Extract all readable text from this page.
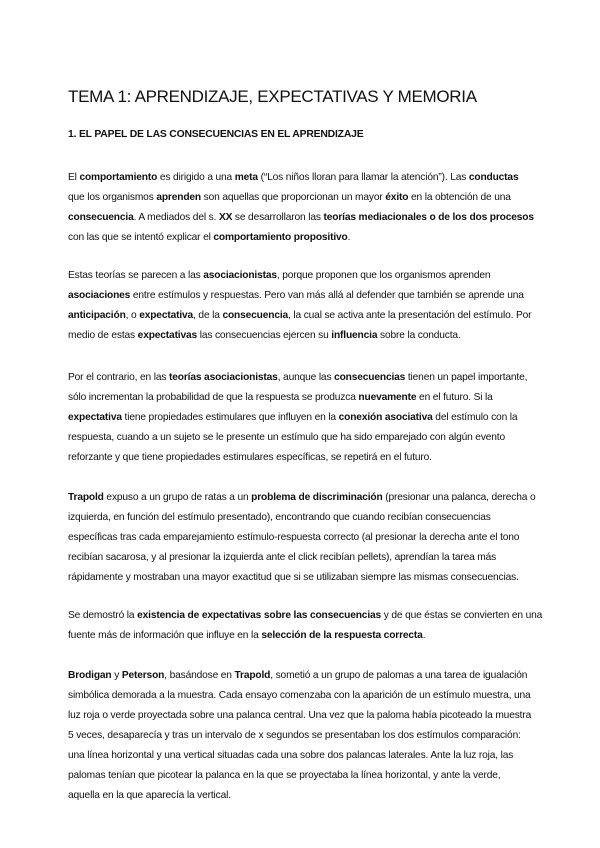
TEMA 1: APRENDIZAJE, EXPECTATIVAS Y MEMORIA
1. EL PAPEL DE LAS CONSECUENCIAS EN EL APRENDIZAJE

El comportamiento es dirigido a una meta (“Los niños lloran para llamar la atención”). Las conductas
que los organismos aprenden son aquellas que proporcionan un mayor éxito en la obtención de una
consecuencia. A mediados del s. XX se desarrollaron las teorías mediacionales o de los dos procesos
con las que se intentó explicar el comportamiento propositivo.

Estas teorías se parecen a las asociacionistas, porque proponen que los organismos aprenden
asociaciones entre estímulos y respuestas. Pero van más allá al defender que también se aprende una
anticipación, o expectativa, de la consecuencia, la cual se activa ante la presentación del estímulo. Por
medio de estas expectativas las consecuencias ejercen su influencia sobre la conducta.

Por el contrario, en las teorías asociacionistas, aunque las consecuencias tienen un papel importante,
sólo incrementan la probabilidad de que la respuesta se produzca nuevamente en el futuro. Si la
expectativa tiene propiedades estimulares que influyen en la conexión asociativa del estímulo con la
respuesta, cuando a un sujeto se le presente un estímulo que ha sido emparejado con algún evento
reforzante y que tiene propiedades estimulares específicas, se repetirá en el futuro.

Trapold expuso a un grupo de ratas a un problema de discriminación (presionar una palanca, derecha o
izquierda, en función del estímulo presentado), encontrando que cuando recibían consecuencias
específicas tras cada emparejamiento estímulo-respuesta correcto (al presionar la derecha ante el tono
recibían sacarosa, y al presionar la izquierda ante el click recibían pellets), aprendían la tarea más
rápidamente y mostraban una mayor exactitud que si se utilizaban siempre las mismas consecuencias.

Se demostró la existencia de expectativas sobre las consecuencias y de que éstas se convierten en una
fuente más de información que influye en la selección de la respuesta correcta.

Brodigan y Peterson, basándose en Trapold, sometió a un grupo de palomas a una tarea de igualación
simbólica demorada a la muestra. Cada ensayo comenzaba con la aparición de un estímulo muestra, una
luz roja o verde proyectada sobre una palanca central. Una vez que la paloma había picoteado la muestra
5 veces, desaparecía y tras un intervalo de x segundos se presentaban los dos estímulos comparación:
una línea horizontal y una vertical situadas cada una sobre dos palancas laterales. Ante la luz roja, las
palomas tenían que picotear la palanca en la que se proyectaba la línea horizontal, y ante la verde,
aquella en la que aparecía la vertical.
